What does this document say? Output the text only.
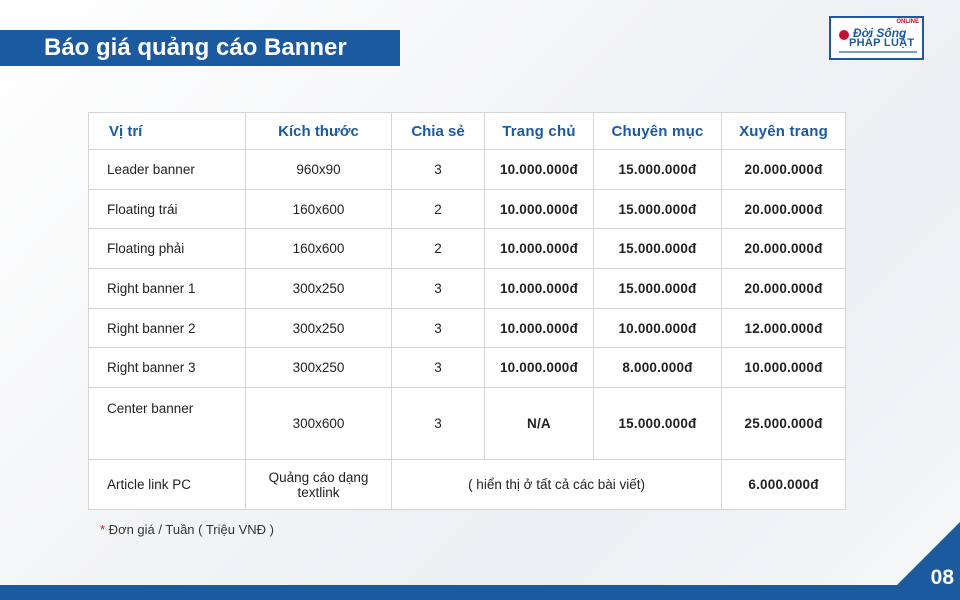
Báo giá quảng cáo Banner
ONLINE
Đời Sống
PHÁP LUẬT
Vị trí	Kích thước	Chia sẻ	Trang chủ	Chuyên mục	Xuyên trang
Leader banner	960x90	3	10.000.000đ	15.000.000đ	20.000.000đ
Floating trái	160x600	2	10.000.000đ	15.000.000đ	20.000.000đ
Floating phải	160x600	2	10.000.000đ	15.000.000đ	20.000.000đ
Right banner 1	300x250	3	10.000.000đ	15.000.000đ	20.000.000đ
Right banner 2	300x250	3	10.000.000đ	10.000.000đ	12.000.000đ
Right banner 3	300x250	3	10.000.000đ	8.000.000đ	10.000.000đ
Center banner	300x600	3	N/A	15.000.000đ	25.000.000đ
Article link PC	Quảng cáo dạng textlink	( hiển thị ở tất cả các bài viết)			6.000.000đ
* Đơn giá / Tuần ( Triệu VNĐ )
08
